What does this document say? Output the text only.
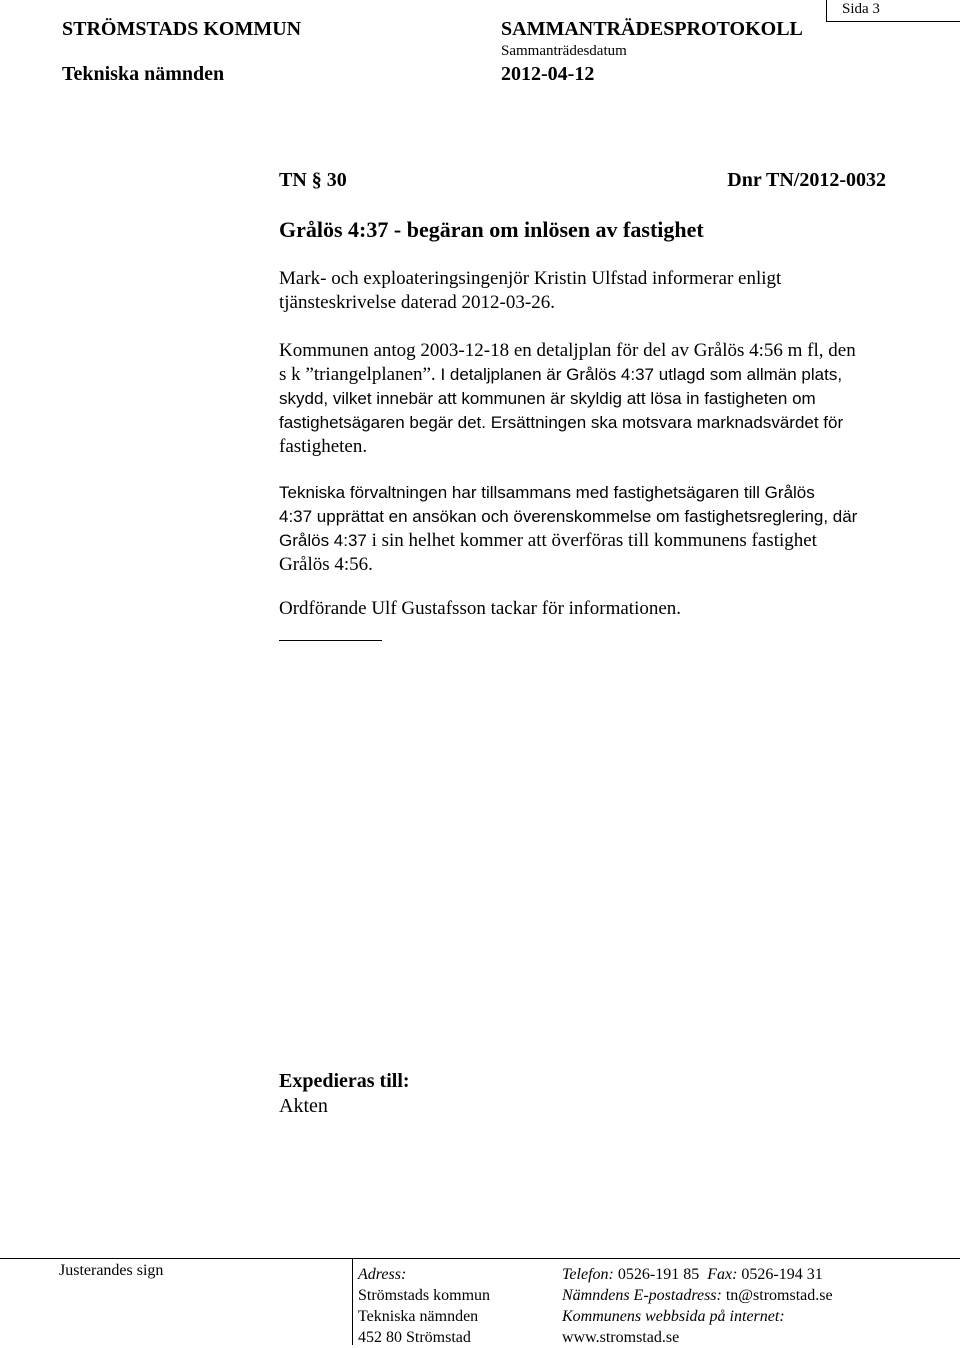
Sida 3
STRÖMSTADS KOMMUN	SAMMANTRÄDESPROTOKOLL
Sammanträdesdatum
Tekniska nämnden	2012-04-12
TN § 30	Dnr TN/2012-0032
Grålös 4:37 - begäran om inlösen av fastighet
Mark- och exploateringsingenjör Kristin Ulfstad informerar enligt
tjänsteskrivelse daterad 2012-03-26.
Kommunen antog 2003-12-18 en detaljplan för del av Grålös 4:56 m fl, den
s k ”triangelplanen”. I detaljplanen är Grålös 4:37 utlagd som allmän plats,
skydd, vilket innebär att kommunen är skyldig att lösa in fastigheten om
fastighetsägaren begär det. Ersättningen ska motsvara marknadsvärdet för
fastigheten.
Tekniska förvaltningen har tillsammans med fastighetsägaren till Grålös
4:37 upprättat en ansökan och överenskommelse om fastighetsreglering, där
Grålös 4:37 i sin helhet kommer att överföras till kommunens fastighet
Grålös 4:56.
Ordförande Ulf Gustafsson tackar för informationen.
Expedieras till:
Akten
Justerandes sign	Adress:
Strömstads kommun
Tekniska nämnden
452 80 Strömstad
Telefon: 0526-191 85 Fax: 0526-194 31
Nämndens E-postadress: tn@stromstad.se
Kommunens webbsida på internet:
www.stromstad.se
